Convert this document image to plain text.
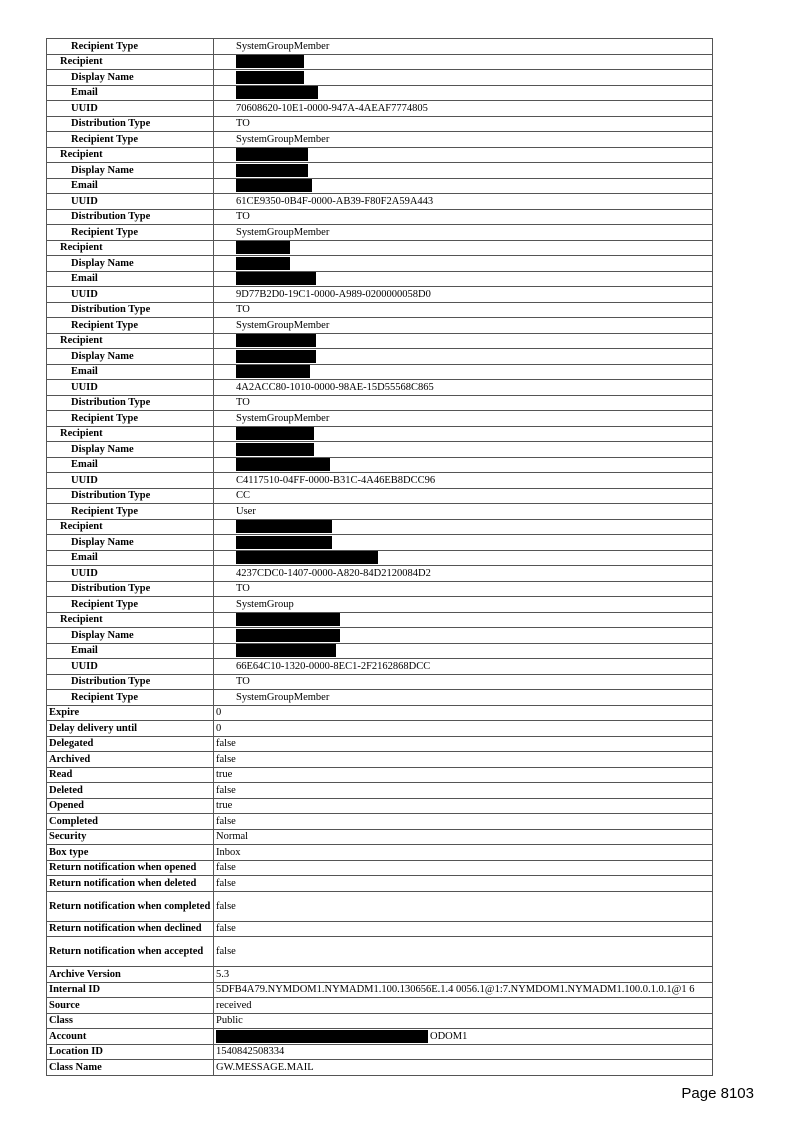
Recipient Type	SystemGroupMember
Recipient	
Display Name	
Email	
UUID	70608620-10E1-0000-947A-4AEAF7774805
Distribution Type	TO
Recipient Type	SystemGroupMember
Recipient	
Display Name	
Email	
UUID	61CE9350-0B4F-0000-AB39-F80F2A59A443
Distribution Type	TO
Recipient Type	SystemGroupMember
Recipient	
Display Name	
Email	
UUID	9D77B2D0-19C1-0000-A989-0200000058D0
Distribution Type	TO
Recipient Type	SystemGroupMember
Recipient	
Display Name	
Email	
UUID	4A2ACC80-1010-0000-98AE-15D55568C865
Distribution Type	TO
Recipient Type	SystemGroupMember
Recipient	
Display Name	
Email	
UUID	C4117510-04FF-0000-B31C-4A46EB8DCC96
Distribution Type	CC
Recipient Type	User
Recipient	
Display Name	
Email	
UUID	4237CDC0-1407-0000-A820-84D2120084D2
Distribution Type	TO
Recipient Type	SystemGroup
Recipient	
Display Name	
Email	
UUID	66E64C10-1320-0000-8EC1-2F2162868DCC
Distribution Type	TO
Recipient Type	SystemGroupMember
Expire	0
Delay delivery until	0
Delegated	false
Archived	false
Read	true
Deleted	false
Opened	true
Completed	false
Security	Normal
Box type	Inbox
Return notification when opened	false
Return notification when deleted	false
Return notification when completed	false
Return notification when declined	false
Return notification when accepted	false
Archive Version	5.3
Internal ID	5DFB4A79.NYMDOM1.NYMADM1.100.130656E.1.4 0056.1@1:7.NYMDOM1.NYMADM1.100.0.1.0.1@1 6
Source	received
Class	Public
Account	ODOM1
Location ID	1540842508334
Class Name	GW.MESSAGE.MAIL
Page 8103
